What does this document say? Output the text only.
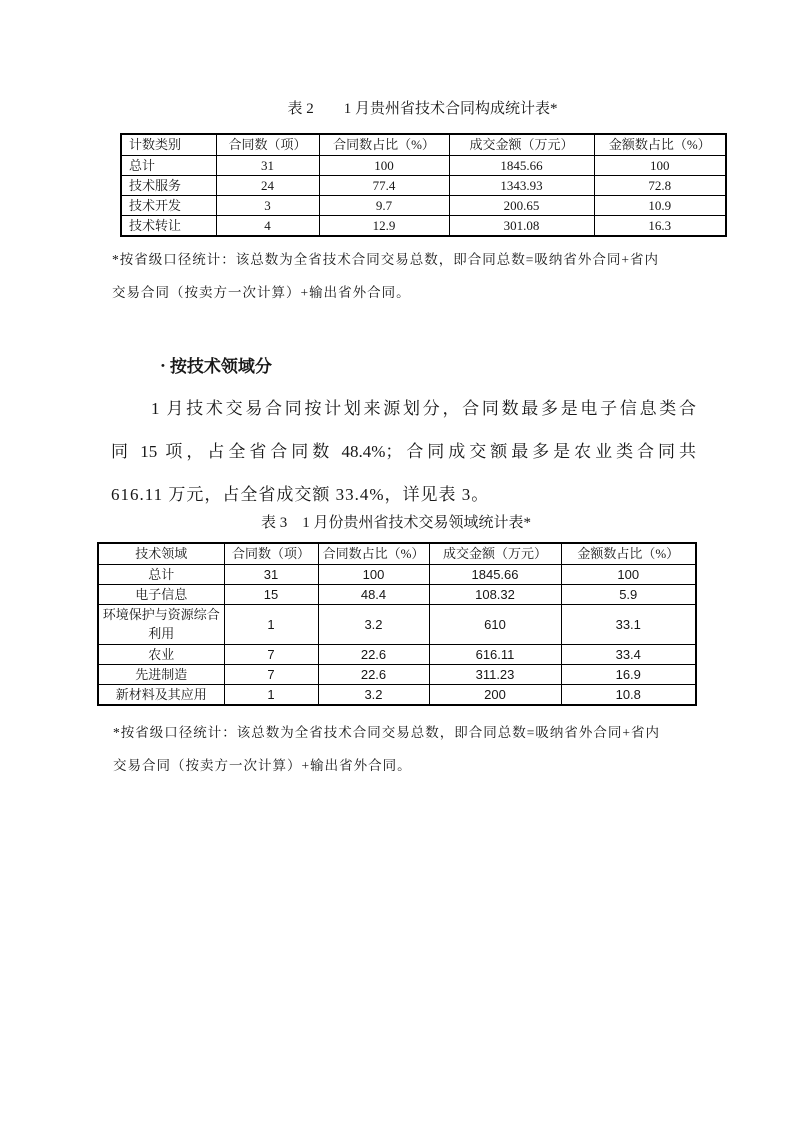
表 2　　1 月贵州省技术合同构成统计表*
计数类别	合同数（项）	合同数占比（%）	成交金额（万元）	金额数占比（%）
总计	31	100	1845.66	100
技术服务	24	77.4	1343.93	72.8
技术开发	3	9.7	200.65	10.9
技术转让	4	12.9	301.08	16.3
*按省级口径统计：该总数为全省技术合同交易总数，即合同总数=吸纳省外合同+省内
交易合同（按卖方一次计算）+输出省外合同。
• 按技术领域分
1 月技术交易合同按计划来源划分，合同数最多是电子信息类合
同 15 项，占全省合同数 48.4%；合同成交额最多是农业类合同共
616.11 万元，占全省成交额 33.4%，详见表 3。
表 3　1 月份贵州省技术交易领域统计表*
技术领域	合同数（项）	合同数占比（%）	成交金额（万元）	金额数占比（%）
总计	31	100	1845.66	100
电子信息	15	48.4	108.32	5.9
环境保护与资源综合利用	1	3.2	610	33.1
农业	7	22.6	616.11	33.4
先进制造	7	22.6	311.23	16.9
新材料及其应用	1	3.2	200	10.8
*按省级口径统计：该总数为全省技术合同交易总数，即合同总数=吸纳省外合同+省内
交易合同（按卖方一次计算）+输出省外合同。
